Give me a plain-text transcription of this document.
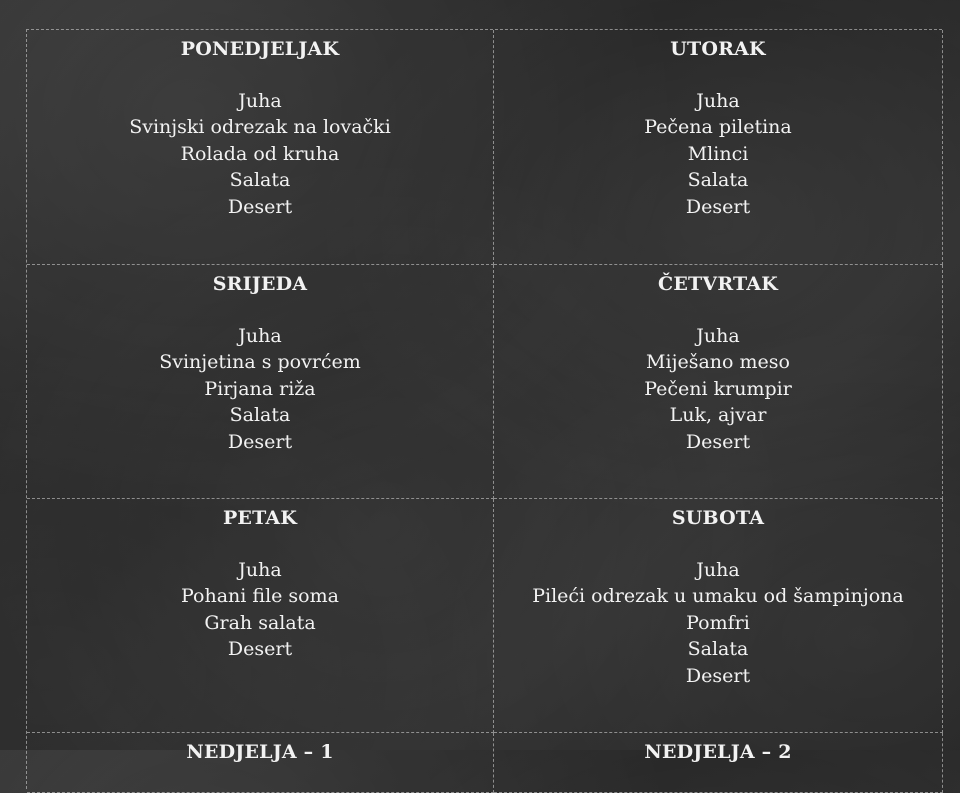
PONEDJELJAK
Juha
Svinjski odrezak na lovački
Rolada od kruha
Salata
Desert
UTORAK
Juha
Pečena piletina
Mlinci
Salata
Desert
SRIJEDA
Juha
Svinjetina s povrćem
Pirjana riža
Salata
Desert
ČETVRTAK
Juha
Miješano meso
Pečeni krumpir
Luk, ajvar
Desert
PETAK
Juha
Pohani file soma
Grah salata
Desert
SUBOTA
Juha
Pileći odrezak u umaku od šampinjona
Pomfri
Salata
Desert
NEDJELJA – 1	NEDJELJA – 2
